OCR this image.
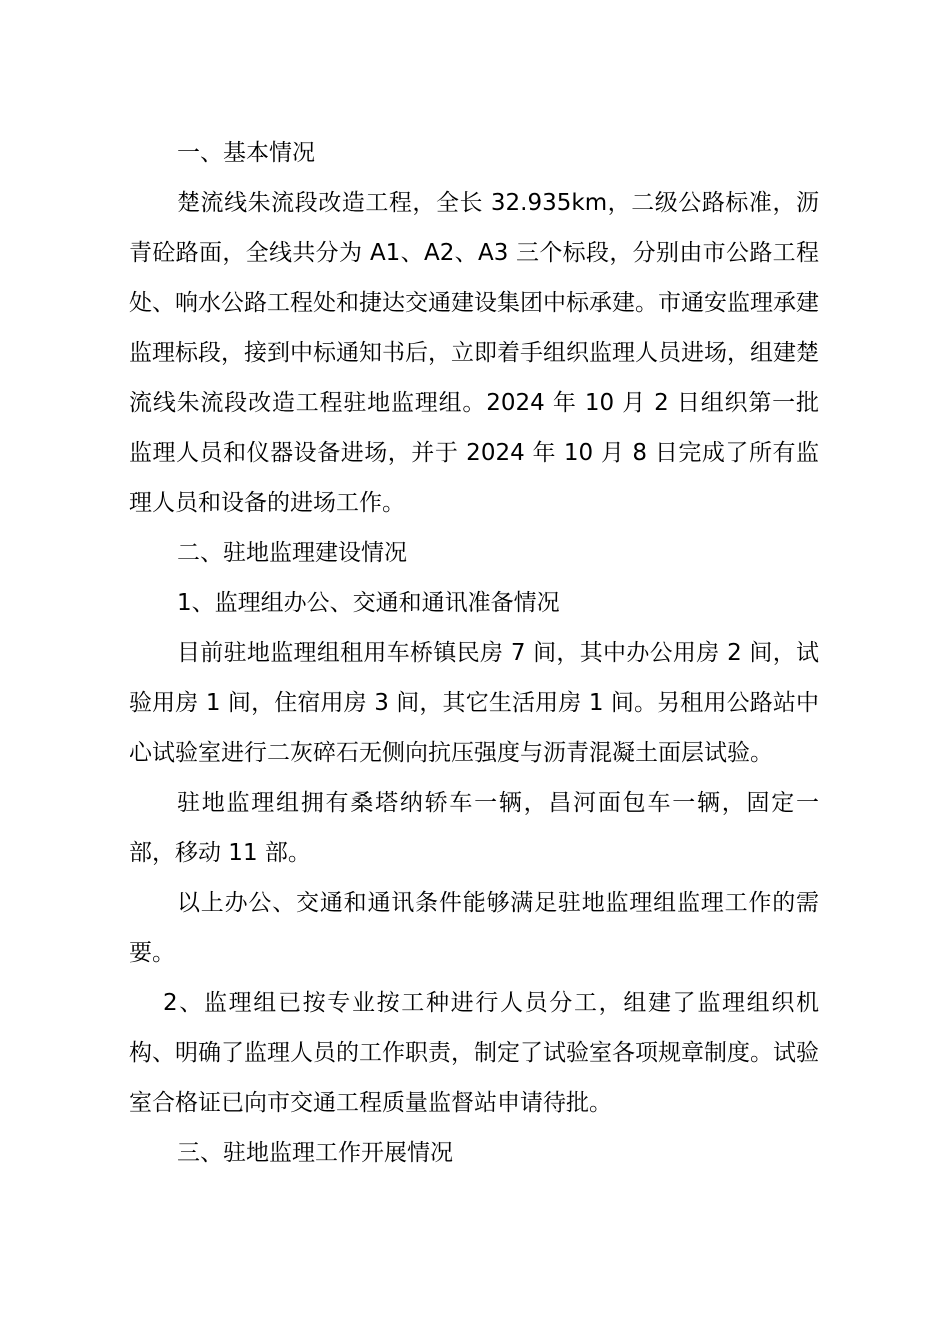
一、基本情况

楚流线朱流段改造工程，全长 32.935km，二级公路标准，沥青砼路面，全线共分为 A1、A2、A3 三个标段，分别由市公路工程处、响水公路工程处和捷达交通建设集团中标承建。市通安监理承建监理标段，接到中标通知书后，立即着手组织监理人员进场，组建楚流线朱流段改造工程驻地监理组。2024 年 10 月 2 日组织第一批监理人员和仪器设备进场，并于 2024 年 10 月 8 日完成了所有监理人员和设备的进场工作。

二、驻地监理建设情况

1、监理组办公、交通和通讯准备情况

目前驻地监理组租用车桥镇民房 7 间，其中办公用房 2 间，试验用房 1 间，住宿用房 3 间，其它生活用房 1 间。另租用公路站中心试验室进行二灰碎石无侧向抗压强度与沥青混凝土面层试验。

驻地监理组拥有桑塔纳轿车一辆，昌河面包车一辆，固定一部，移动 11 部。

以上办公、交通和通讯条件能够满足驻地监理组监理工作的需要。

2、监理组已按专业按工种进行人员分工，组建了监理组织机构、明确了监理人员的工作职责，制定了试验室各项规章制度。试验室合格证已向市交通工程质量监督站申请待批。

三、驻地监理工作开展情况
